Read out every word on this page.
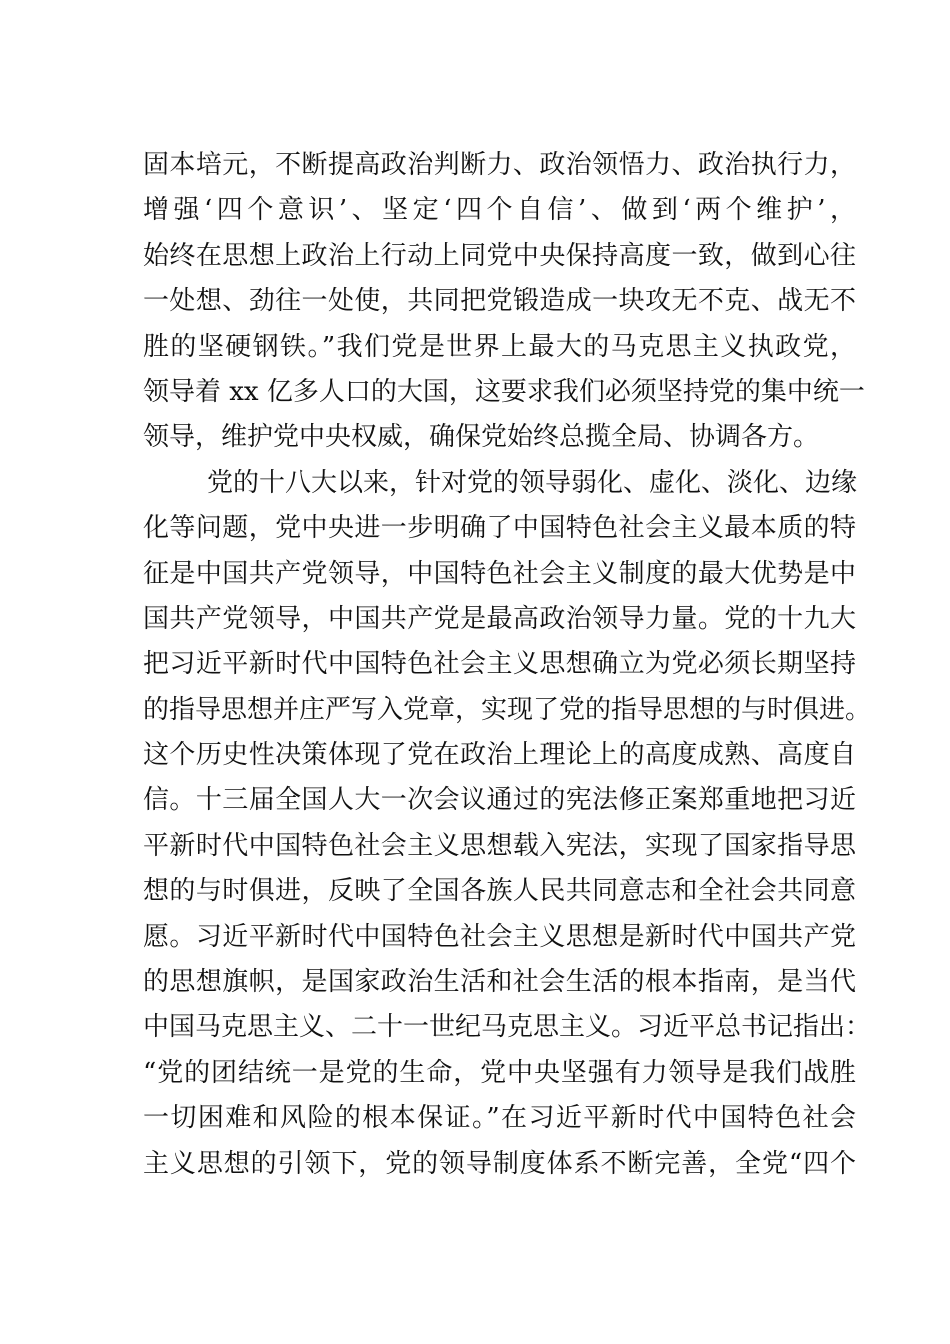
固本培元，不断提高政治判断力、政治领悟力、政治执行力，
增强‘四个意识’、坚定‘四个自信’、做到‘两个维护’，
始终在思想上政治上行动上同党中央保持高度一致，做到心往
一处想、劲往一处使，共同把党锻造成一块攻无不克、战无不
胜的坚硬钢铁。”我们党是世界上最大的马克思主义执政党，
领导着 xx 亿多人口的大国，这要求我们必须坚持党的集中统一
领导，维护党中央权威，确保党始终总揽全局、协调各方。
党的十八大以来，针对党的领导弱化、虚化、淡化、边缘
化等问题，党中央进一步明确了中国特色社会主义最本质的特
征是中国共产党领导，中国特色社会主义制度的最大优势是中
国共产党领导，中国共产党是最高政治领导力量。党的十九大
把习近平新时代中国特色社会主义思想确立为党必须长期坚持
的指导思想并庄严写入党章，实现了党的指导思想的与时俱进。
这个历史性决策体现了党在政治上理论上的高度成熟、高度自
信。十三届全国人大一次会议通过的宪法修正案郑重地把习近
平新时代中国特色社会主义思想载入宪法，实现了国家指导思
想的与时俱进，反映了全国各族人民共同意志和全社会共同意
愿。习近平新时代中国特色社会主义思想是新时代中国共产党
的思想旗帜，是国家政治生活和社会生活的根本指南，是当代
中国马克思主义、二十一世纪马克思主义。习近平总书记指出：
“党的团结统一是党的生命，党中央坚强有力领导是我们战胜
一切困难和风险的根本保证。”在习近平新时代中国特色社会
主义思想的引领下，党的领导制度体系不断完善，全党“四个
